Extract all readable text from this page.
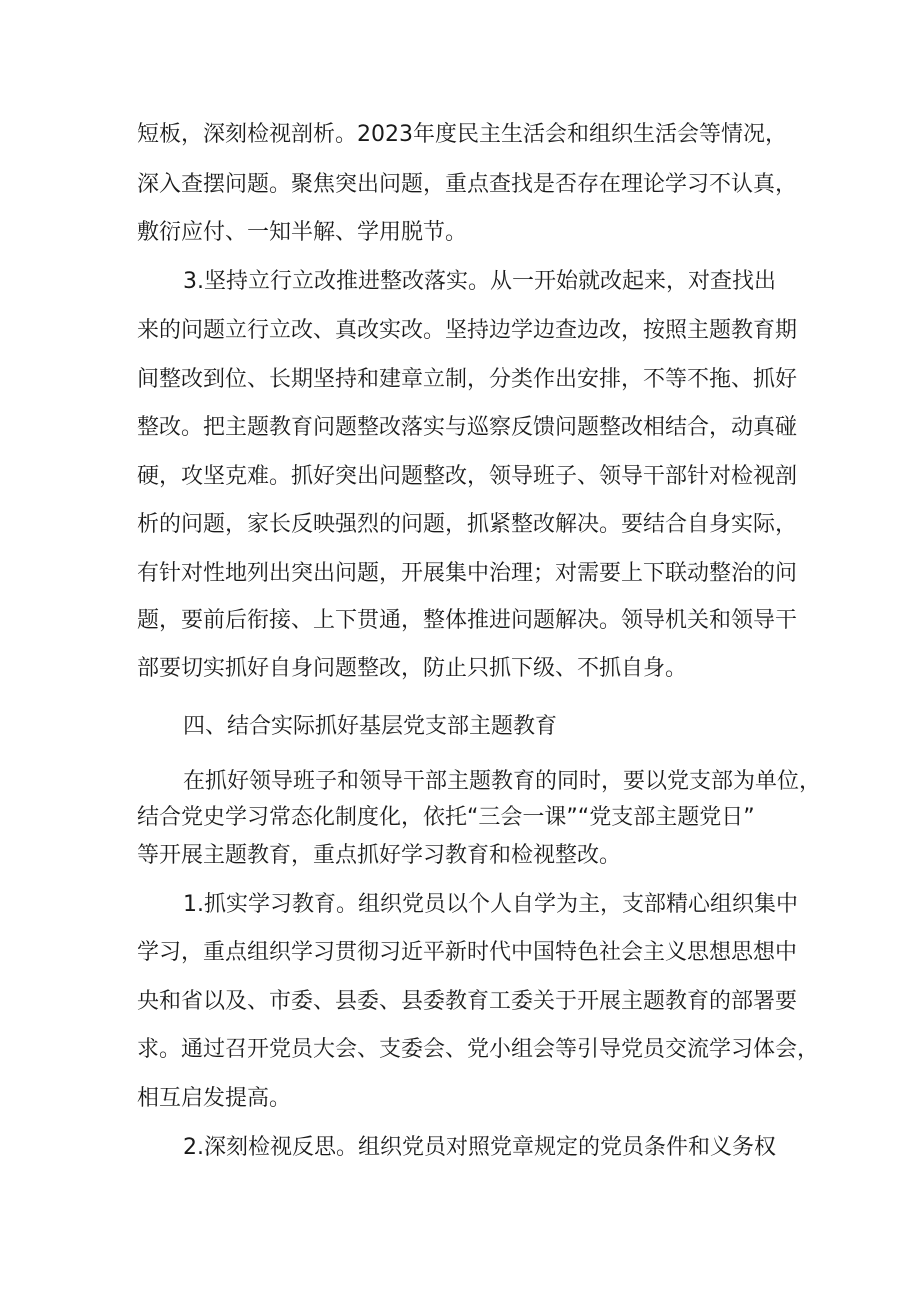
短板，深刻检视剖析。2023年度民主生活会和组织生活会等情况，
深入查摆问题。聚焦突出问题，重点查找是否存在理论学习不认真，
敷衍应付、一知半解、学用脱节。
3.坚持立行立改推进整改落实。从一开始就改起来，对查找出
来的问题立行立改、真改实改。坚持边学边查边改，按照主题教育期
间整改到位、长期坚持和建章立制，分类作出安排，不等不拖、抓好
整改。把主题教育问题整改落实与巡察反馈问题整改相结合，动真碰
硬，攻坚克难。抓好突出问题整改，领导班子、领导干部针对检视剖
析的问题，家长反映强烈的问题，抓紧整改解决。要结合自身实际，
有针对性地列出突出问题，开展集中治理；对需要上下联动整治的问
题，要前后衔接、上下贯通，整体推进问题解决。领导机关和领导干
部要切实抓好自身问题整改，防止只抓下级、不抓自身。
四、结合实际抓好基层党支部主题教育
在抓好领导班子和领导干部主题教育的同时，要以党支部为单位，
结合党史学习常态化制度化，依托“三会一课”“党支部主题党日”
等开展主题教育，重点抓好学习教育和检视整改。
1.抓实学习教育。组织党员以个人自学为主，支部精心组织集中
学习，重点组织学习贯彻习近平新时代中国特色社会主义思想思想中
央和省以及、市委、县委、县委教育工委关于开展主题教育的部署要
求。通过召开党员大会、支委会、党小组会等引导党员交流学习体会，
相互启发提高。
2.深刻检视反思。组织党员对照党章规定的党员条件和义务权
